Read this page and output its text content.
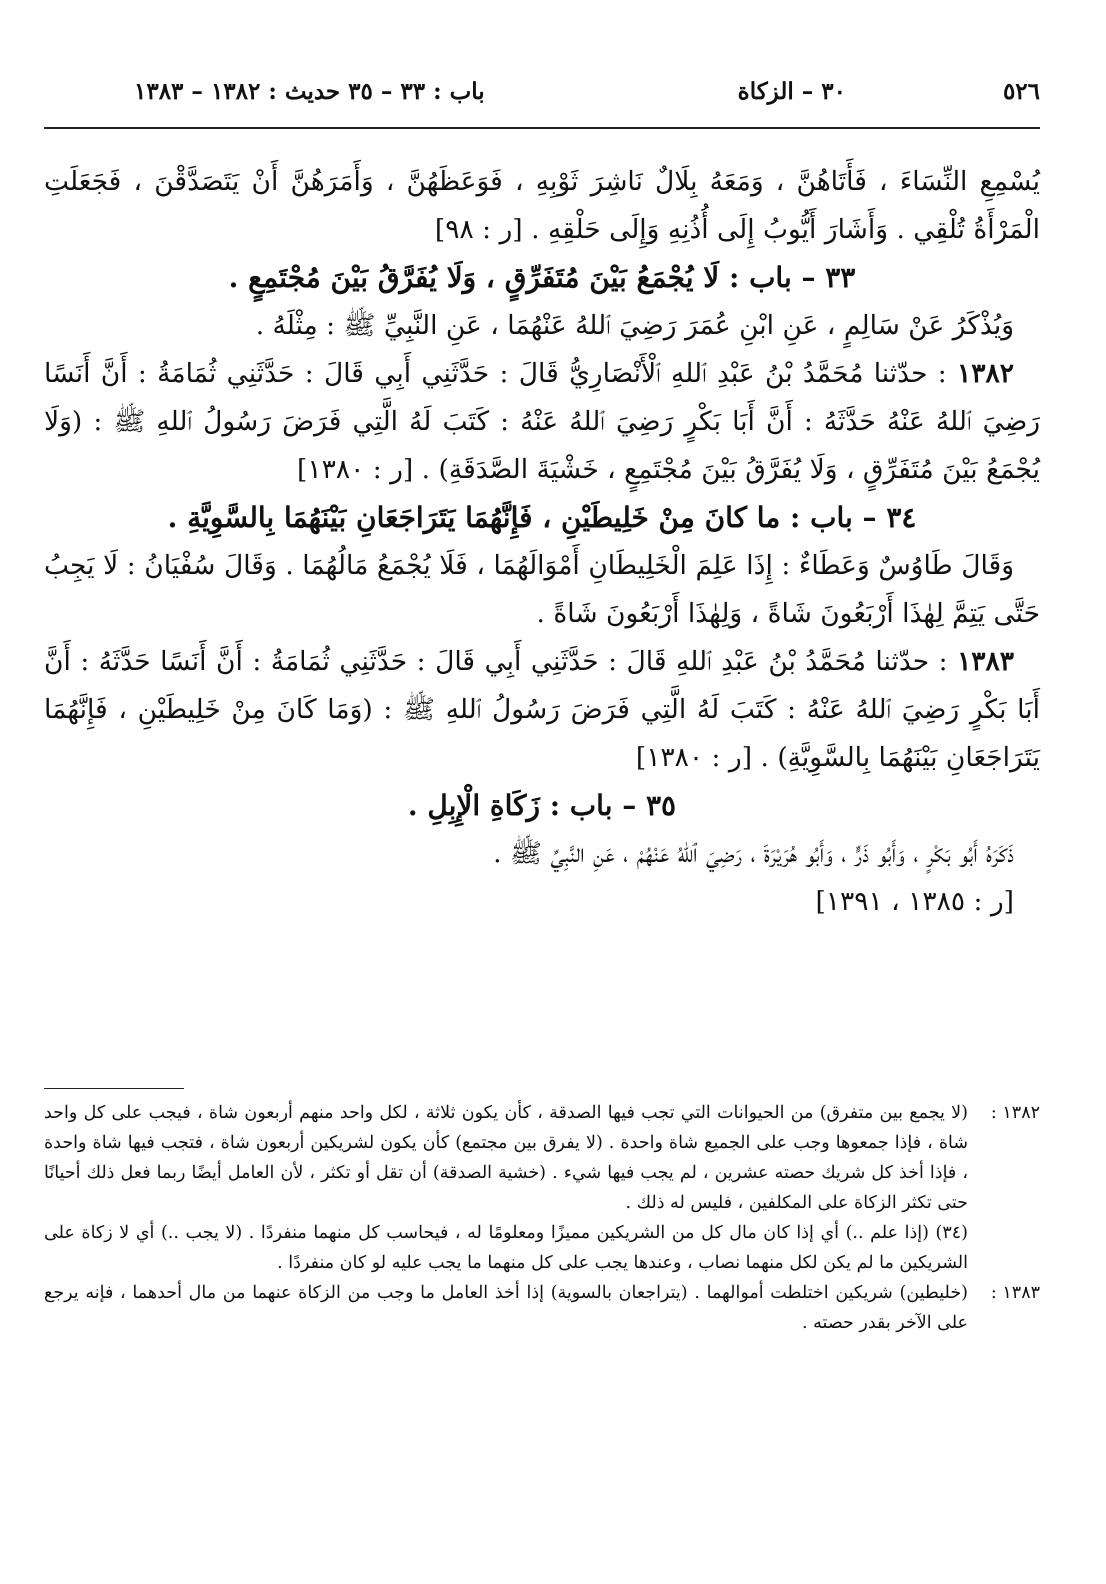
٥٢٦
٣٠ – الزكاة
باب : ٣٣ – ٣٥ حديث : ١٣٨٢ – ١٣٨٣

يُسْمِعِ النِّسَاءَ ، فَأَتَاهُنَّ ، وَمَعَهُ بِلَالٌ نَاشِرَ ثَوْبِهِ ، فَوَعَظَهُنَّ ، وَأَمَرَهُنَّ أَنْ يَتَصَدَّقْنَ ، فَجَعَلَتِ الْمَرْأَةُ تُلْقِي . وَأَشَارَ أَيُّوبُ إِلَى أُذُنِهِ وَإِلَى حَلْقِهِ . [ر : ٩٨]

٣٣ – باب : لَا يُجْمَعُ بَيْنَ مُتَفَرِّقٍ ، وَلَا يُفَرَّقُ بَيْنَ مُجْتَمِعٍ .

وَيُذْكَرُ عَنْ سَالِمٍ ، عَنِ ابْنِ عُمَرَ رَضِيَ ٱللهُ عَنْهُمَا ، عَنِ النَّبِيِّ ﷺ : مِثْلَهُ .

١٣٨٢ : حدّثنا مُحَمَّدُ بْنُ عَبْدِ ٱللهِ ٱلْأَنْصَارِيُّ قَالَ : حَدَّثَنِي أَبِي قَالَ : حَدَّثَنِي ثُمَامَةُ : أَنَّ أَنَسًا رَضِيَ ٱللهُ عَنْهُ حَدَّثَهُ : أَنَّ أَبَا بَكْرٍ رَضِيَ ٱللهُ عَنْهُ : كَتَبَ لَهُ الَّتِي فَرَضَ رَسُولُ ٱللهِ ﷺ : (وَلَا يُجْمَعُ بَيْنَ مُتَفَرِّقٍ ، وَلَا يُفَرَّقُ بَيْنَ مُجْتَمِعٍ ، خَشْيَةَ الصَّدَقَةِ) . [ر : ١٣٨٠]

٣٤ – باب : ما كانَ مِنْ خَلِيطَيْنِ ، فَإِنَّهُمَا يَتَرَاجَعَانِ بَيْنَهُمَا بِالسَّوِيَّةِ .

وَقَالَ طَاوُسٌ وَعَطَاءٌ : إِذَا عَلِمَ الْخَلِيطَانِ أَمْوَالَهُمَا ، فَلَا يُجْمَعُ مَالُهُمَا . وَقَالَ سُفْيَانُ : لَا يَجِبُ حَتَّى يَتِمَّ لِهٰذَا أَرْبَعُونَ شَاةً ، وَلِهٰذَا أَرْبَعُونَ شَاةً .

١٣٨٣ : حدّثنا مُحَمَّدُ بْنُ عَبْدِ ٱللهِ قَالَ : حَدَّثَنِي أَبِي قَالَ : حَدَّثَنِي ثُمَامَةُ : أَنَّ أَنَسًا حَدَّثَهُ : أَنَّ أَبَا بَكْرٍ رَضِيَ ٱللهُ عَنْهُ : كَتَبَ لَهُ الَّتِي فَرَضَ رَسُولُ ٱللهِ ﷺ : (وَمَا كَانَ مِنْ خَلِيطَيْنِ ، فَإِنَّهُمَا يَتَرَاجَعَانِ بَيْنَهُمَا بِالسَّوِيَّةِ) . [ر : ١٣٨٠]

٣٥ – باب : زَكَاةِ الْإِبِلِ .

ذَكَرَهُ أَبُو بَكْرٍ ، وَأَبُو ذَرٍّ ، وَأَبُو هُرَيْرَةَ ، رَضِيَ ٱللهُ عَنْهُمْ ، عَنِ النَّبِيِّ ﷺ .

[ر : ١٣٨٥ ، ١٣٩١]

١٣٨٢ :
(لا يجمع بين متفرق) من الحيوانات التي تجب فيها الصدقة ، كأن يكون ثلاثة ، لكل واحد منهم أربعون شاة ، فيجب على كل واحد شاة ، فإذا جمعوها وجب على الجميع شاة واحدة . (لا يفرق بين مجتمع) كأن يكون لشريكين أربعون شاة ، فتجب فيها شاة واحدة ، فإذا أخذ كل شريك حصته عشرين ، لم يجب فيها شيء . (خشية الصدقة) أن تقل أو تكثر ، لأن العامل أيضًا ربما فعل ذلك أحيانًا حتى تكثر الزكاة على المكلفين ، فليس له ذلك .

(٣٤) (إذا علم ..) أي إذا كان مال كل من الشريكين مميزًا ومعلومًا له ، فيحاسب كل منهما منفردًا . (لا يجب ..) أي لا زكاة على الشريكين ما لم يكن لكل منهما نصاب ، وعندها يجب على كل منهما ما يجب عليه لو كان منفردًا .

١٣٨٣ :
(خليطين) شريكين اختلطت أموالهما . (يتراجعان بالسوية) إذا أخذ العامل ما وجب من الزكاة عنهما من مال أحدهما ، فإنه يرجع على الآخر بقدر حصته .
